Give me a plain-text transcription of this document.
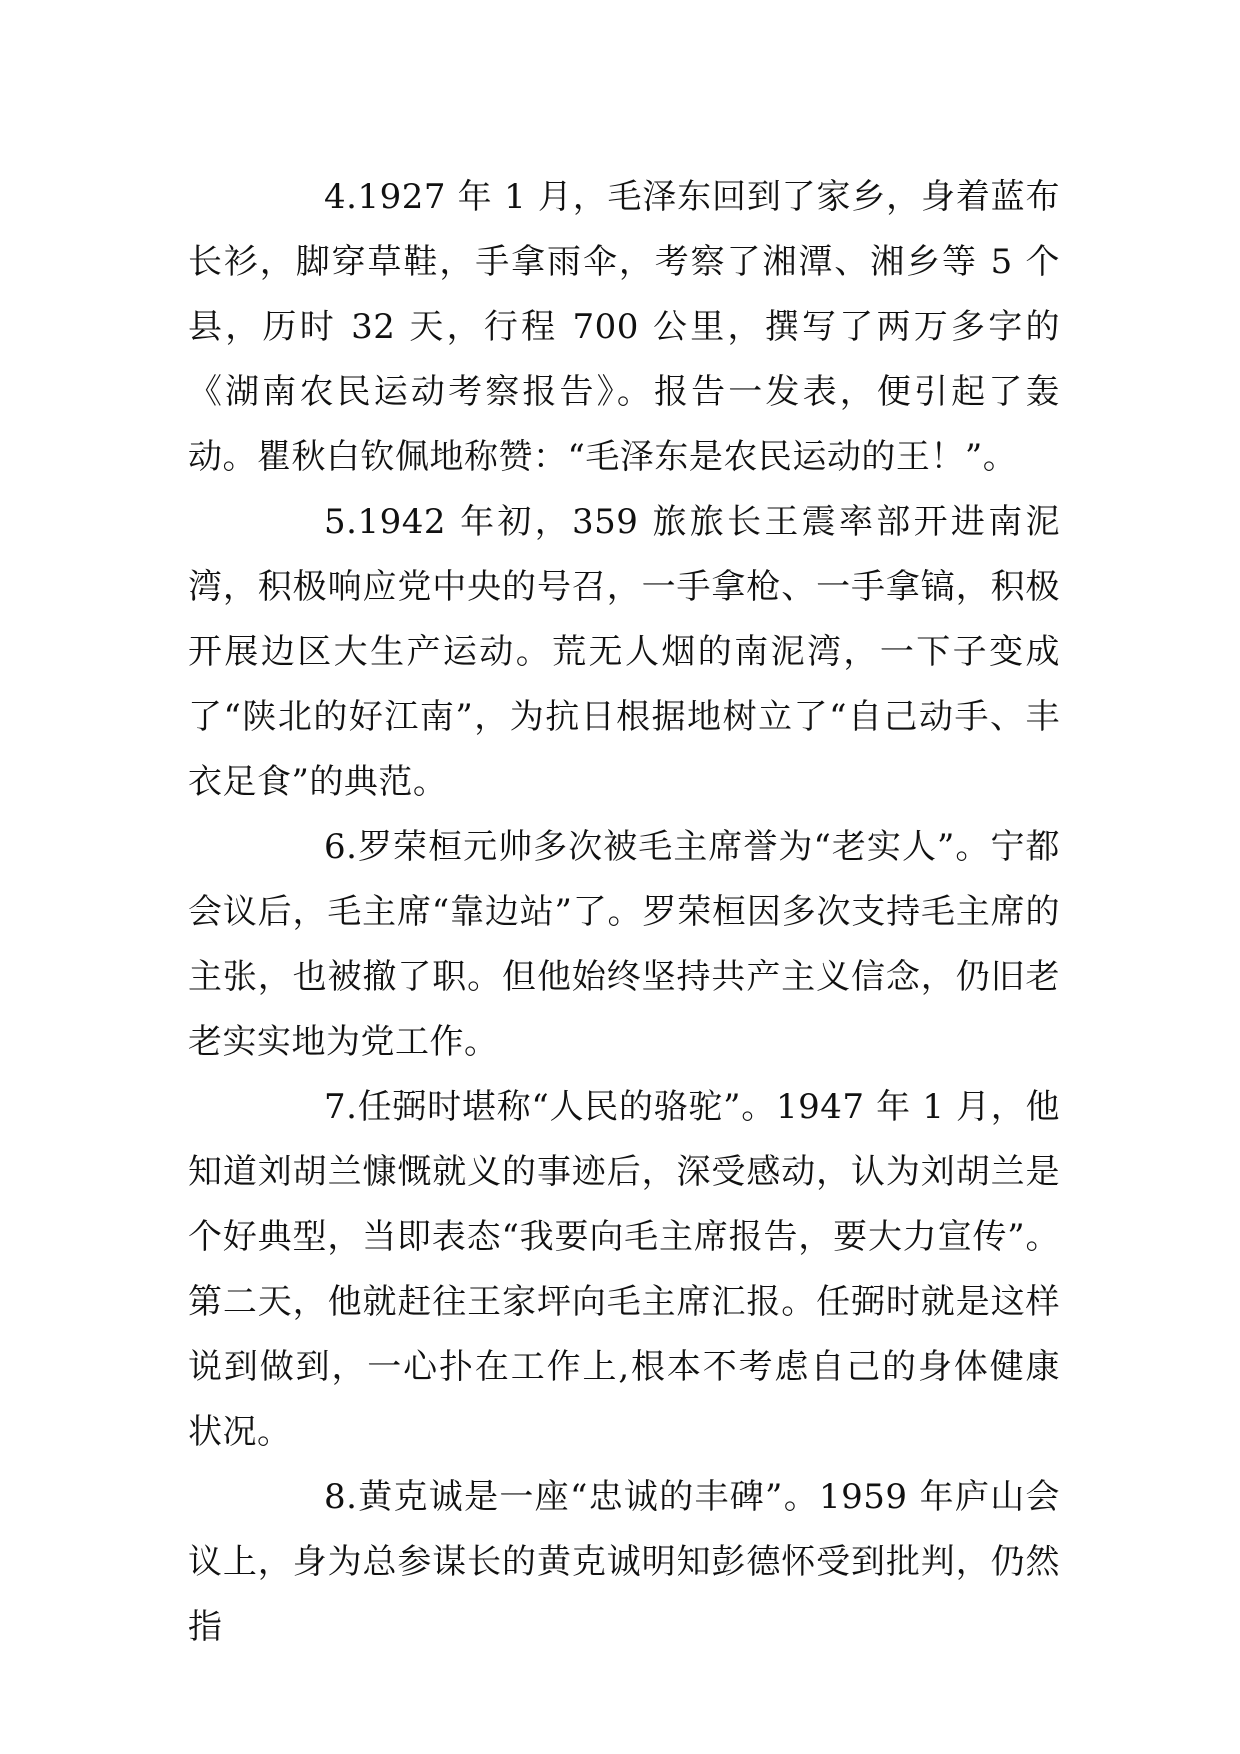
4.1927 年 1 月，毛泽东回到了家乡，身着蓝布长衫，脚穿草鞋，手拿雨伞，考察了湘潭、湘乡等 5 个县，历时 32 天，行程 700 公里，撰写了两万多字的《湖南农民运动考察报告》。报告一发表，便引起了轰动。瞿秋白钦佩地称赞：“毛泽东是农民运动的王！”。

5.1942 年初，359 旅旅长王震率部开进南泥湾，积极响应党中央的号召，一手拿枪、一手拿镐，积极开展边区大生产运动。荒无人烟的南泥湾，一下子变成了“陕北的好江南”，为抗日根据地树立了“自己动手、丰衣足食”的典范。

6.罗荣桓元帅多次被毛主席誉为“老实人”。宁都会议后，毛主席“靠边站”了。罗荣桓因多次支持毛主席的主张，也被撤了职。但他始终坚持共产主义信念，仍旧老老实实地为党工作。

7.任弼时堪称“人民的骆驼”。1947 年 1 月，他知道刘胡兰慷慨就义的事迹后，深受感动，认为刘胡兰是个好典型，当即表态“我要向毛主席报告，要大力宣传”。第二天，他就赶往王家坪向毛主席汇报。任弼时就是这样说到做到，一心扑在工作上,根本不考虑自己的身体健康状况。

8.黄克诚是一座“忠诚的丰碑”。1959 年庐山会议上，身为总参谋长的黄克诚明知彭德怀受到批判，仍然指
